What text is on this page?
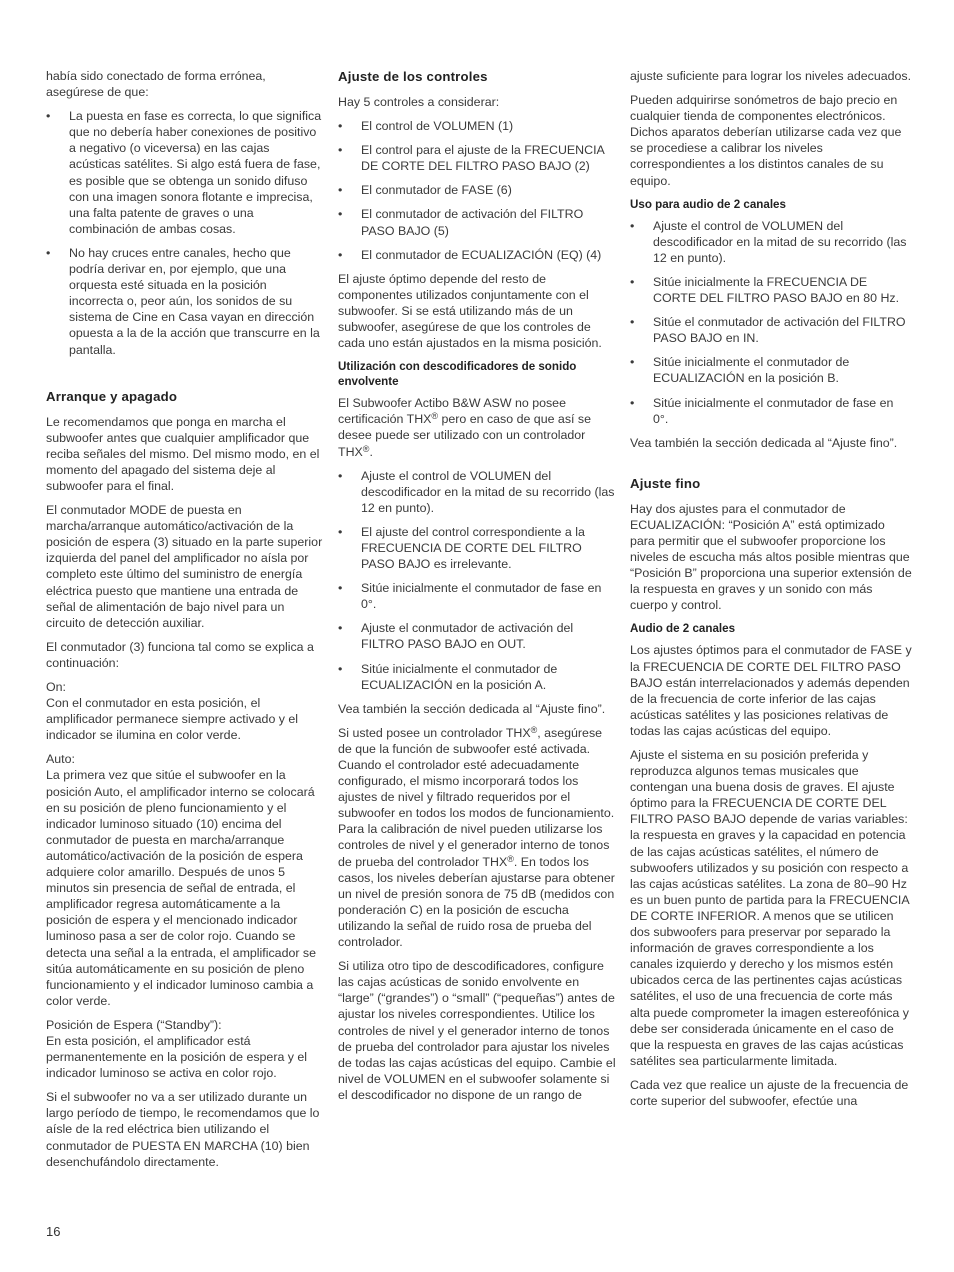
había sido conectado de forma errónea, asegúrese de que:

• La puesta en fase es correcta, lo que significa que no debería haber conexiones de positivo a negativo (o viceversa) en las cajas acústicas satélites. Si algo está fuera de fase, es posible que se obtenga un sonido difuso con una imagen sonora flotante e imprecisa, una falta patente de graves o una combinación de ambas cosas.
• No hay cruces entre canales, hecho que podría derivar en, por ejemplo, que una orquesta esté situada en la posición incorrecta o, peor aún, los sonidos de su sistema de Cine en Casa vayan en dirección opuesta a la de la acción que transcurre en la pantalla.
Arranque y apagado

Le recomendamos que ponga en marcha el subwoofer antes que cualquier amplificador que reciba señales del mismo. Del mismo modo, en el momento del apagado del sistema deje al subwoofer para el final.

El conmutador MODE de puesta en marcha/arranque automático/activación de la posición de espera (3) situado en la parte superior izquierda del panel del amplificador no aísla por completo este último del suministro de energía eléctrica puesto que mantiene una entrada de señal de alimentación de bajo nivel para un circuito de detección auxiliar.

El conmutador (3) funciona tal como se explica a continuación:

On:
Con el conmutador en esta posición, el amplificador permanece siempre activado y el indicador se ilumina en color verde.

Auto:
La primera vez que sitúe el subwoofer en la posición Auto, el amplificador interno se colocará en su posición de pleno funcionamiento y el indicador luminoso situado (10) encima del conmutador de puesta en marcha/arranque automático/activación de la posición de espera adquiere color amarillo. Después de unos 5 minutos sin presencia de señal de entrada, el amplificador regresa automáticamente a la posición de espera y el mencionado indicador luminoso pasa a ser de color rojo. Cuando se detecta una señal a la entrada, el amplificador se sitúa automáticamente en su posición de pleno funcionamiento y el indicador luminoso cambia a color verde.

Posición de Espera (“Standby”):
En esta posición, el amplificador está permanentemente en la posición de espera y el indicador luminoso se activa en color rojo.

Si el subwoofer no va a ser utilizado durante un largo período de tiempo, le recomendamos que lo aísle de la red eléctrica bien utilizando el conmutador de PUESTA EN MARCHA (10) bien desenchufándolo directamente.

Ajuste de los controles

Hay 5 controles a considerar:

• El control de VOLUMEN (1)
• El control para el ajuste de la FRECUENCIA DE CORTE DEL FILTRO PASO BAJO (2)
• El conmutador de FASE (6)
• El conmutador de activación del FILTRO PASO BAJO (5)
• El conmutador de ECUALIZACIÓN (EQ) (4)

El ajuste óptimo depende del resto de componentes utilizados conjuntamente con el subwoofer. Si se está utilizando más de un subwoofer, asegúrese de que los controles de cada uno están ajustados en la misma posición.

Utilización con descodificadores de sonido envolvente

El Subwoofer Actibo B&W ASW no posee certificación THX® pero en caso de que así se desee puede ser utilizado con un controlador THX®.

• Ajuste el control de VOLUMEN del descodificador en la mitad de su recorrido (las 12 en punto).
• El ajuste del control correspondiente a la FRECUENCIA DE CORTE DEL FILTRO PASO BAJO es irrelevante.
• Sitúe inicialmente el conmutador de fase en 0°.
• Ajuste el conmutador de activación del FILTRO PASO BAJO en OUT.
• Sitúe inicialmente el conmutador de ECUALIZACIÓN en la posición A.

Vea también la sección dedicada al “Ajuste fino”.

Si usted posee un controlador THX®, asegúrese de que la función de subwoofer esté activada. Cuando el controlador esté adecuadamente configurado, el mismo incorporará todos los ajustes de nivel y filtrado requeridos por el subwoofer en todos los modos de funcionamiento. Para la calibración de nivel pueden utilizarse los controles de nivel y el generador interno de tonos de prueba del controlador THX®. En todos los casos, los niveles deberían ajustarse para obtener un nivel de presión sonora de 75 dB (medidos con ponderación C) en la posición de escucha utilizando la señal de ruido rosa de prueba del controlador.

Si utiliza otro tipo de descodificadores, configure las cajas acústicas de sonido envolvente en “large” (“grandes”) o “small” (“pequeñas”) antes de ajustar los niveles correspondientes. Utilice los controles de nivel y el generador interno de tonos de prueba del controlador para ajustar los niveles de todas las cajas acústicas del equipo. Cambie el nivel de VOLUMEN en el subwoofer solamente si el descodificador no dispone de un rango de

ajuste suficiente para lograr los niveles adecuados.

Pueden adquirirse sonómetros de bajo precio en cualquier tienda de componentes electrónicos. Dichos aparatos deberían utilizarse cada vez que se procediese a calibrar los niveles correspondientes a los distintos canales de su equipo.

Uso para audio de 2 canales
• Ajuste el control de VOLUMEN del descodificador en la mitad de su recorrido (las 12 en punto).
• Sitúe inicialmente la FRECUENCIA DE CORTE DEL FILTRO PASO BAJO en 80 Hz.
• Sitúe el conmutador de activación del FILTRO PASO BAJO en IN.
• Sitúe inicialmente el conmutador de ECUALIZACIÓN en la posición B.
• Sitúe inicialmente el conmutador de fase en 0°.

Vea también la sección dedicada al “Ajuste fino”.

Ajuste fino

Hay dos ajustes para el conmutador de ECUALIZACIÓN: “Posición A” está optimizado para permitir que el subwoofer proporcione los niveles de escucha más altos posible mientras que “Posición B” proporciona una superior extensión de la respuesta en graves y un sonido con más cuerpo y control.

Audio de 2 canales

Los ajustes óptimos para el conmutador de FASE y la FRECUENCIA DE CORTE DEL FILTRO PASO BAJO están interrelacionados y además dependen de la frecuencia de corte inferior de las cajas acústicas satélites y las posiciones relativas de todas las cajas acústicas del equipo.

Ajuste el sistema en su posición preferida y reproduzca algunos temas musicales que contengan una buena dosis de graves. El ajuste óptimo para la FRECUENCIA DE CORTE DEL FILTRO PASO BAJO depende de varias variables: la respuesta en graves y la capacidad en potencia de las cajas acústicas satélites, el número de subwoofers utilizados y su posición con respecto a las cajas acústicas satélites. La zona de 80–90 Hz es un buen punto de partida para la FRECUENCIA DE CORTE INFERIOR. A menos que se utilicen dos subwoofers para preservar por separado la información de graves correspondiente a los canales izquierdo y derecho y los mismos estén ubicados cerca de las pertinentes cajas acústicas satélites, el uso de una frecuencia de corte más alta puede comprometer la imagen estereofónica y debe ser considerada únicamente en el caso de que la respuesta en graves de las cajas acústicas satélites sea particularmente limitada.

Cada vez que realice un ajuste de la frecuencia de corte superior del subwoofer, efectúe una

16
